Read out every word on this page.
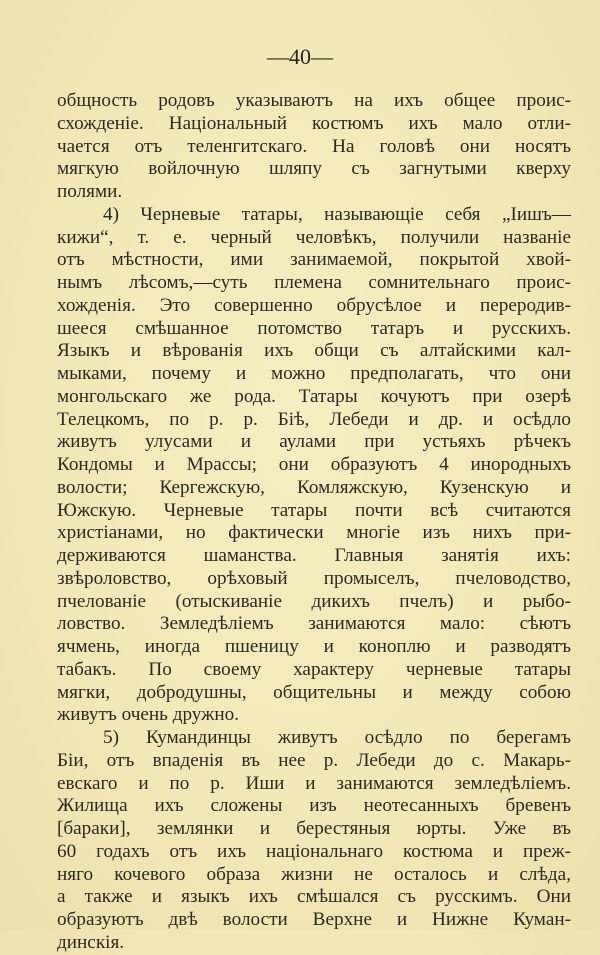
—40—
общность родовъ указываютъ на ихъ общее проис-
схожденіе. Національный костюмъ ихъ мало отли-
чается отъ теленгитскаго. На головѣ они носятъ
мягкую войлочную шляпу съ загнутыми кверху
полями.
4) Черневые татары, называющіе себя „Іишъ—
кижи“, т. е. черный человѣкъ, получили названіе
отъ мѣстности, ими занимаемой, покрытой хвой-
нымъ лѣсомъ,—суть племена сомнительнаго проис-
хожденія. Это совершенно обрусѣлое и переродив-
шееся смѣшанное потомство татаръ и русскихъ.
Языкъ и вѣрованія ихъ общи съ алтайскими кал-
мыками, почему и можно предполагать, что они
монгольскаго же рода. Татары кочуютъ при озерѣ
Телецкомъ, по р. р. Біѣ, Лебеди и др. и осѣдло
живутъ улусами и аулами при устьяхъ рѣчекъ
Кондомы и Мрассы; они образуютъ 4 инородныхъ
волости; Кергежскую, Комляжскую, Кузенскую и
Южскую. Черневые татары почти всѣ считаются
христіанами, но фактически многіе изъ нихъ при-
держиваются шаманства. Главныя занятія ихъ:
звѣроловство, орѣховый промыселъ, пчеловодство,
пчелованіе (отыскиваніе дикихъ пчелъ) и рыбо-
ловство. Земледѣліемъ занимаются мало: сѣютъ
ячмень, иногда пшеницу и коноплю и разводятъ
табакъ. По своему характеру черневые татары
мягки, добродушны, общительны и между собою
живутъ очень дружно.
5) Кумандинцы живутъ осѣдло по берегамъ
Біи, отъ впаденія въ нее р. Лебеди до с. Макарь-
евскаго и по р. Иши и занимаются земледѣліемъ.
Жилища ихъ сложены изъ неотесанныхъ бревенъ
[бараки], землянки и берестяныя юрты. Уже въ
60 годахъ отъ ихъ національнаго костюма и преж-
няго кочевого образа жизни не осталось и слѣда,
а также и языкъ ихъ смѣшался съ русскимъ. Они
образуютъ двѣ волости Верхне и Нижне Куман-
динскія.
